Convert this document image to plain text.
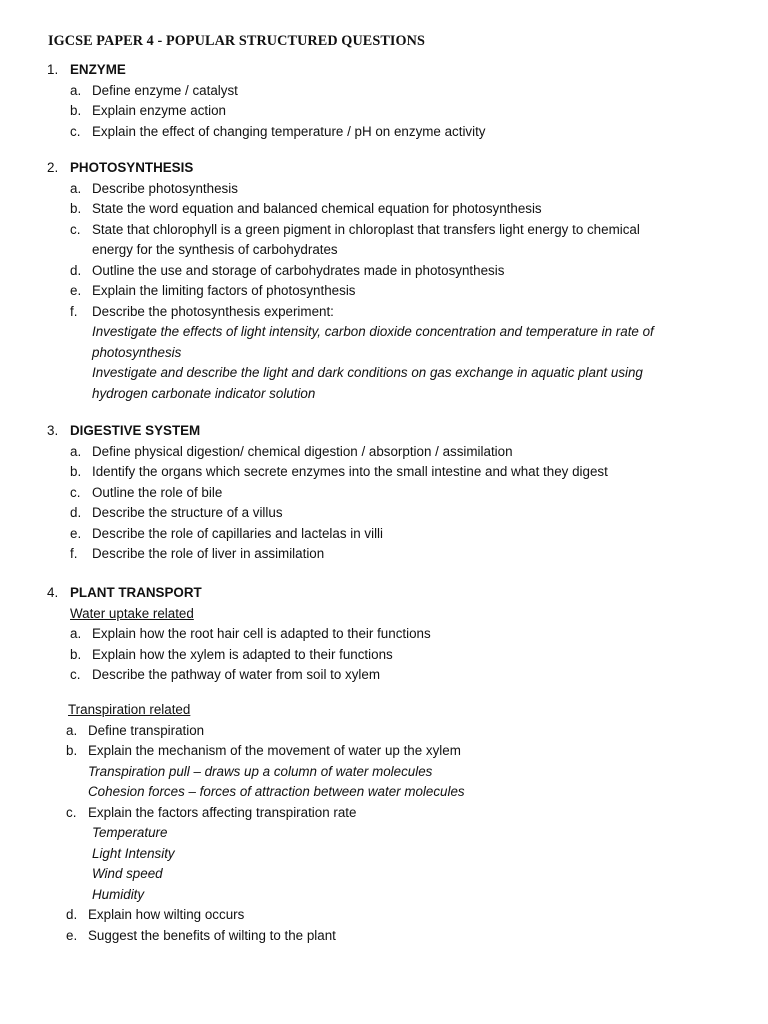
IGCSE PAPER 4 - POPULAR STRUCTURED QUESTIONS
1. ENZYME
a. Define enzyme / catalyst
b. Explain enzyme action
c. Explain the effect of changing temperature / pH on enzyme activity
2. PHOTOSYNTHESIS
a. Describe photosynthesis
b. State the word equation and balanced chemical equation for photosynthesis
c. State that chlorophyll is a green pigment in chloroplast that transfers light energy to chemical
energy for the synthesis of carbohydrates
d. Outline the use and storage of carbohydrates made in photosynthesis
e. Explain the limiting factors of photosynthesis
f. Describe the photosynthesis experiment:
Investigate the effects of light intensity, carbon dioxide concentration and temperature in rate of
photosynthesis
Investigate and describe the light and dark conditions on gas exchange in aquatic plant using
hydrogen carbonate indicator solution
3. DIGESTIVE SYSTEM
a. Define physical digestion/ chemical digestion / absorption / assimilation
b. Identify the organs which secrete enzymes into the small intestine and what they digest
c. Outline the role of bile
d. Describe the structure of a villus
e. Describe the role of capillaries and lactelas in villi
f. Describe the role of liver in assimilation
4. PLANT TRANSPORT
Water uptake related
a. Explain how the root hair cell is adapted to their functions
b. Explain how the xylem is adapted to their functions
c. Describe the pathway of water from soil to xylem
Transpiration related
a. Define transpiration
b. Explain the mechanism of the movement of water up the xylem
Transpiration pull – draws up a column of water molecules
Cohesion forces – forces of attraction between water molecules
c. Explain the factors affecting transpiration rate
Temperature
Light Intensity
Wind speed
Humidity
d. Explain how wilting occurs
e. Suggest the benefits of wilting to the plant
